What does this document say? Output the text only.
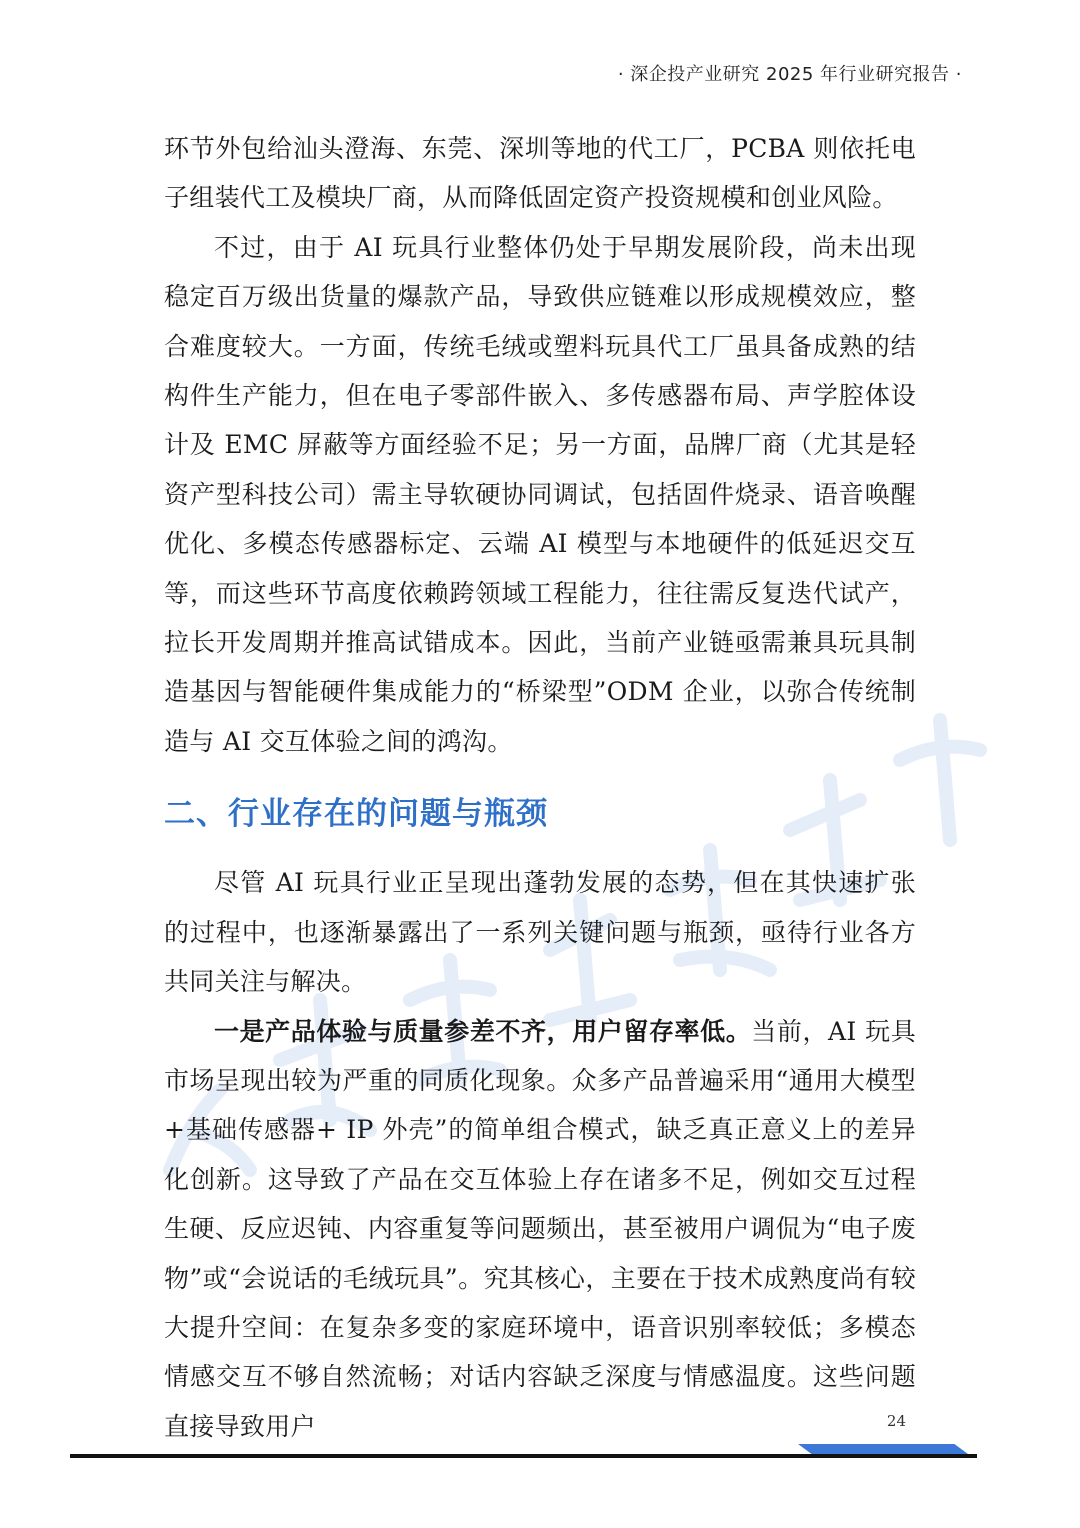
· 深企投产业研究 2025 年行业研究报告 ·

环节外包给汕头澄海、东莞、深圳等地的代工厂，PCBA 则依托电子组装代工及模块厂商，从而降低固定资产投资规模和创业风险。

不过，由于 AI 玩具行业整体仍处于早期发展阶段，尚未出现稳定百万级出货量的爆款产品，导致供应链难以形成规模效应，整合难度较大。一方面，传统毛绒或塑料玩具代工厂虽具备成熟的结构件生产能力，但在电子零部件嵌入、多传感器布局、声学腔体设计及 EMC 屏蔽等方面经验不足；另一方面，品牌厂商（尤其是轻资产型科技公司）需主导软硬协同调试，包括固件烧录、语音唤醒优化、多模态传感器标定、云端 AI 模型与本地硬件的低延迟交互等，而这些环节高度依赖跨领域工程能力，往往需反复迭代试产，拉长开发周期并推高试错成本。因此，当前产业链亟需兼具玩具制造基因与智能硬件集成能力的“桥梁型”ODM 企业，以弥合传统制造与 AI 交互体验之间的鸿沟。

二、行业存在的问题与瓶颈

尽管 AI 玩具行业正呈现出蓬勃发展的态势，但在其快速扩张的过程中，也逐渐暴露出了一系列关键问题与瓶颈，亟待行业各方共同关注与解决。

一是产品体验与质量参差不齐，用户留存率低。当前，AI 玩具市场呈现出较为严重的同质化现象。众多产品普遍采用“通用大模型+基础传感器+ IP 外壳”的简单组合模式，缺乏真正意义上的差异化创新。这导致了产品在交互体验上存在诸多不足，例如交互过程生硬、反应迟钝、内容重复等问题频出，甚至被用户调侃为“电子废物”或“会说话的毛绒玩具”。究其核心，主要在于技术成熟度尚有较大提升空间：在复杂多变的家庭环境中，语音识别率较低；多模态情感交互不够自然流畅；对话内容缺乏深度与情感温度。这些问题直接导致用户	24
